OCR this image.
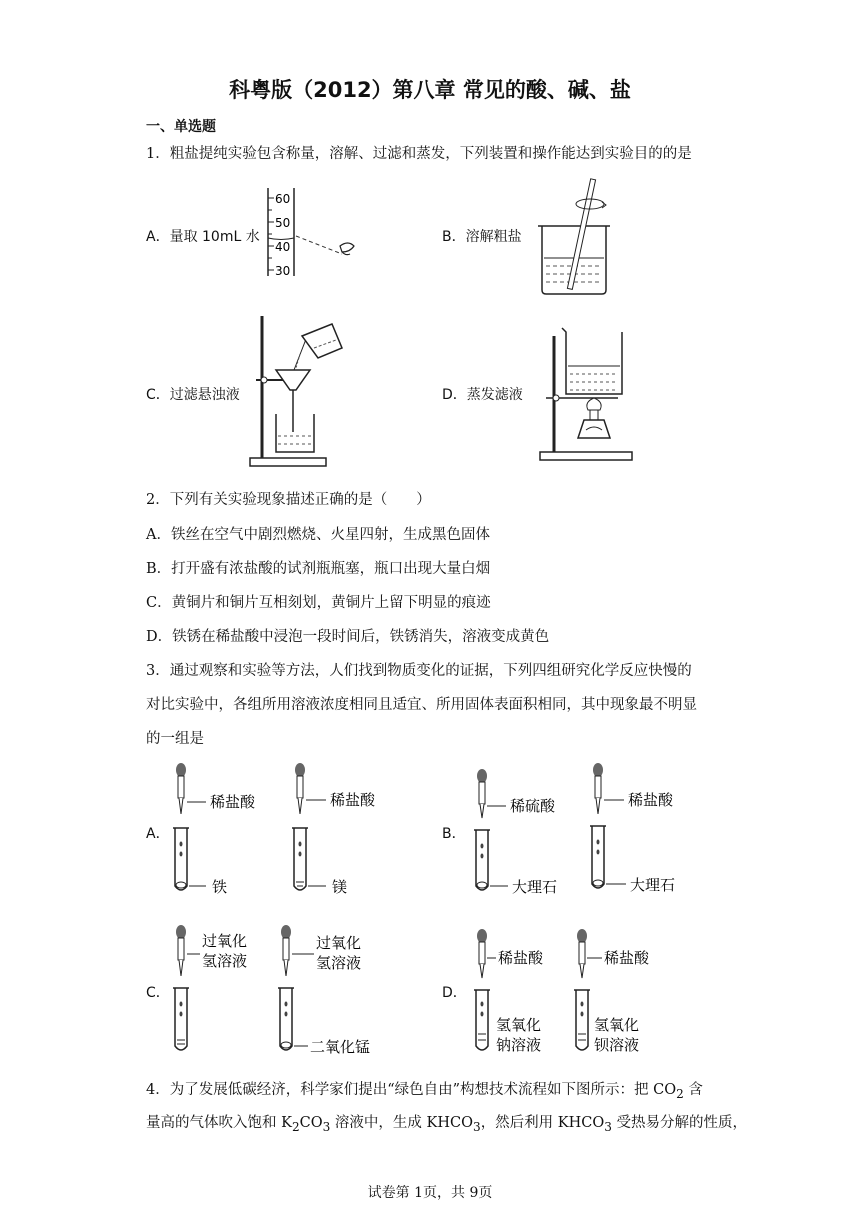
科粤版（2012）第八章 常见的酸、碱、盐
一、单选题
1．粗盐提纯实验包含称量，溶解、过滤和蒸发，下列装置和操作能达到实验目的的是
A．量取 10mL 水
60
50
40
30
B．溶解粗盐
C．过滤悬浊液	D．蒸发滤液
2．下列有关实验现象描述正确的是（　　）
A．铁丝在空气中剧烈燃烧、火星四射，生成黑色固体
B．打开盛有浓盐酸的试剂瓶瓶塞，瓶口出现大量白烟
C．黄铜片和铜片互相刻划，黄铜片上留下明显的痕迹
D．铁锈在稀盐酸中浸泡一段时间后，铁锈消失，溶液变成黄色
3．通过观察和实验等方法，人们找到物质变化的证据，下列四组研究化学反应快慢的
对比实验中，各组所用溶液浓度相同且适宜、所用固体表面积相同，其中现象最不明显
的一组是
A．
稀盐酸
铁
稀盐酸
镁
B．
稀硫酸
大理石
稀盐酸
大理石
C．
过氧化
氢溶液
过氧化
氢溶液
二氧化锰
D．
稀盐酸
氢氧化
钠溶液
稀盐酸
氢氧化
钡溶液
4．为了发展低碳经济，科学家们提出“绿色自由”构想技术流程如下图所示：把 $CO_2$ 含
量高的气体吹入饱和 $K_2CO_3$ 溶液中，生成 $KHCO_3$，然后利用 $KHCO_3$ 受热易分解的性质，
试卷第 1页，共 9页
